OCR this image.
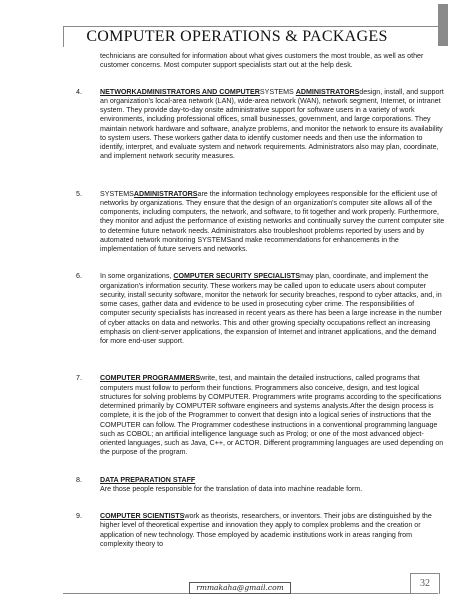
COMPUTER OPERATIONS & PACKAGES

technicians are consulted for information about what gives customers the most trouble, as well as other customer concerns. Most computer support specialists start out at the help desk.

4.	NETWORKADMINISTRATORS AND COMPUTERSYSTEMS ADMINISTRATORSdesign, install, and support an organization's local-area network (LAN), wide-area network (WAN), network segment, Internet, or intranet system. They provide day-to-day onsite administrative support for software users in a variety of work environments, including professional offices, small businesses, government, and large corporations. They maintain network hardware and software, analyze problems, and monitor the network to ensure its availability to system users. These workers gather data to identify customer needs and then use the information to identify, interpret, and evaluate system and network requirements. Administrators also may plan, coordinate, and implement network security measures.

5.	SYSTEMSADMINISTRATORSare the information technology employees responsible for the efficient use of networks by organizations. They ensure that the design of an organization's computer site allows all of the components, including computers, the network, and software, to fit together and work properly. Furthermore, they monitor and adjust the performance of existing networks and continually survey the current computer site to determine future network needs. Administrators also troubleshoot problems reported by users and by automated network monitoring SYSTEMSand make recommendations for enhancements in the implementation of future servers and networks.

6.	In some organizations, COMPUTER SECURITY SPECIALISTSmay plan, coordinate, and implement the organization's information security. These workers may be called upon to educate users about computer security, install security software, monitor the network for security breaches, respond to cyber attacks, and, in some cases, gather data and evidence to be used in prosecuting cyber crime. The responsibilities of computer security specialists has increased in recent years as there has been a large increase in the number of cyber attacks on data and networks. This and other growing specialty occupations reflect an increasing emphasis on client-server applications, the expansion of Internet and intranet applications, and the demand for more end-user support.

7.	COMPUTER PROGRAMMERSwrite, test, and maintain the detailed instructions, called programs that computers must follow to perform their functions. Programmers also conceive, design, and test logical structures for solving problems by COMPUTER. Programmers write programs according to the specifications determined primarily by COMPUTER software engineers and systems analysts.After the design process is complete, it is the job of the Programmer to convert that design into a logical series of instructions that the COMPUTER can follow. The Programmer codesthese instructions in a conventional programming language such as COBOL; an artificial intelligence language such as Prolog; or one of the most advanced object-oriented languages, such as Java, C++, or ACTOR. Different programming languages are used depending on the purpose of the program.

8.	DATA PREPARATION STAFF
Are those people responsible for the translation of data into machine readable form.

9.	COMPUTER SCIENTISTSwork as theorists, researchers, or inventors. Their jobs are distinguished by the higher level of theoretical expertise and innovation they apply to complex problems and the creation or application of new technology. Those employed by academic institutions work in areas ranging from complexity theory to

rmmakaha@gmail.com	32
